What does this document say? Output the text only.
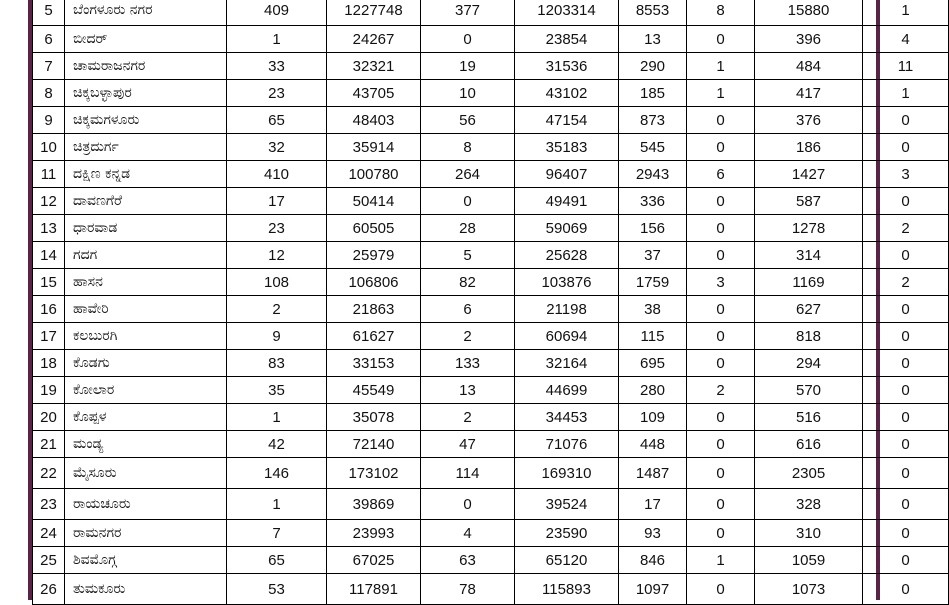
5	ಬೆಂಗಳೂರು ನಗರ	409	1227748	377	1203314	8553	8	15880	1
6	ಬೀದರ್	1	24267	0	23854	13	0	396	4
7	ಚಾಮರಾಜನಗರ	33	32321	19	31536	290	1	484	11
8	ಚಿಕ್ಕಬಳ್ಳಾಪುರ	23	43705	10	43102	185	1	417	1
9	ಚಿಕ್ಕಮಗಳೂರು	65	48403	56	47154	873	0	376	0
10	ಚಿತ್ರದುರ್ಗ	32	35914	8	35183	545	0	186	0
11	ದಕ್ಷಿಣ ಕನ್ನಡ	410	100780	264	96407	2943	6	1427	3
12	ದಾವಣಗೆರೆ	17	50414	0	49491	336	0	587	0
13	ಧಾರವಾಡ	23	60505	28	59069	156	0	1278	2
14	ಗದಗ	12	25979	5	25628	37	0	314	0
15	ಹಾಸನ	108	106806	82	103876	1759	3	1169	2
16	ಹಾವೇರಿ	2	21863	6	21198	38	0	627	0
17	ಕಲಬುರಗಿ	9	61627	2	60694	115	0	818	0
18	ಕೊಡಗು	83	33153	133	32164	695	0	294	0
19	ಕೋಲಾರ	35	45549	13	44699	280	2	570	0
20	ಕೊಪ್ಪಳ	1	35078	2	34453	109	0	516	0
21	ಮಂಡ್ಯ	42	72140	47	71076	448	0	616	0
22	ಮೈಸೂರು	146	173102	114	169310	1487	0	2305	0
23	ರಾಯಚೂರು	1	39869	0	39524	17	0	328	0
24	ರಾಮನಗರ	7	23993	4	23590	93	0	310	0
25	ಶಿವಮೊಗ್ಗ	65	67025	63	65120	846	1	1059	0
26	ತುಮಕೂರು	53	117891	78	115893	1097	0	1073	0
